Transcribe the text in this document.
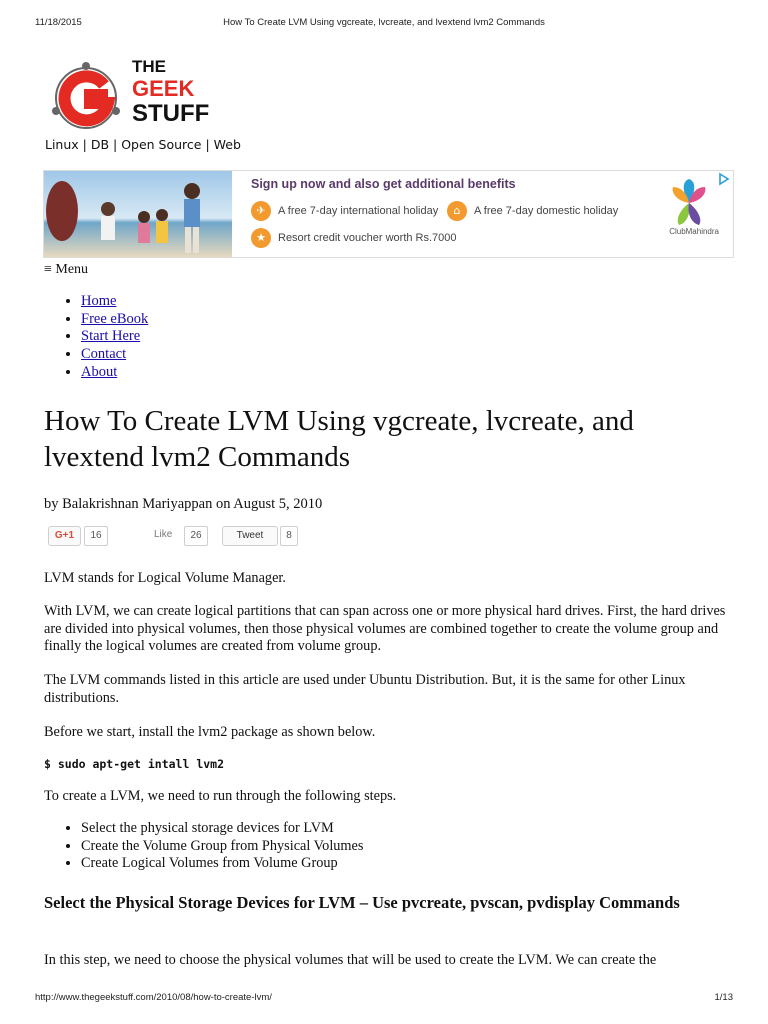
11/18/2015	How To Create LVM Using vgcreate, lvcreate, and lvextend lvm2 Commands
THE
GEEK
STUFF
Linux | DB | Open Source | Web
Sign up now and also get additional benefits
✈	A free 7-day international holiday	⌂	A free 7-day domestic holiday
★	Resort credit voucher worth Rs.7000
ClubMahindra
≡ Menu
• Home
• Free eBook
• Start Here
• Contact
• About
How To Create LVM Using vgcreate, lvcreate, and lvextend lvm2 Commands
by Balakrishnan Mariyappan on August 5, 2010
G+1	16	Like	26	Tweet	8

LVM stands for Logical Volume Manager.

With LVM, we can create logical partitions that can span across one or more physical hard drives. First, the hard drives are divided into physical volumes, then those physical volumes are combined together to create the volume group and finally the logical volumes are created from volume group.

The LVM commands listed in this article are used under Ubuntu Distribution. But, it is the same for other Linux distributions.

Before we start, install the lvm2 package as shown below.

$ sudo apt-get intall lvm2

To create a LVM, we need to run through the following steps.

• Select the physical storage devices for LVM
• Create the Volume Group from Physical Volumes
• Create Logical Volumes from Volume Group
Select the Physical Storage Devices for LVM – Use pvcreate, pvscan, pvdisplay Commands

In this step, we need to choose the physical volumes that will be used to create the LVM. We can create the

http://www.thegeekstuff.com/2010/08/how-to-create-lvm/	1/13
